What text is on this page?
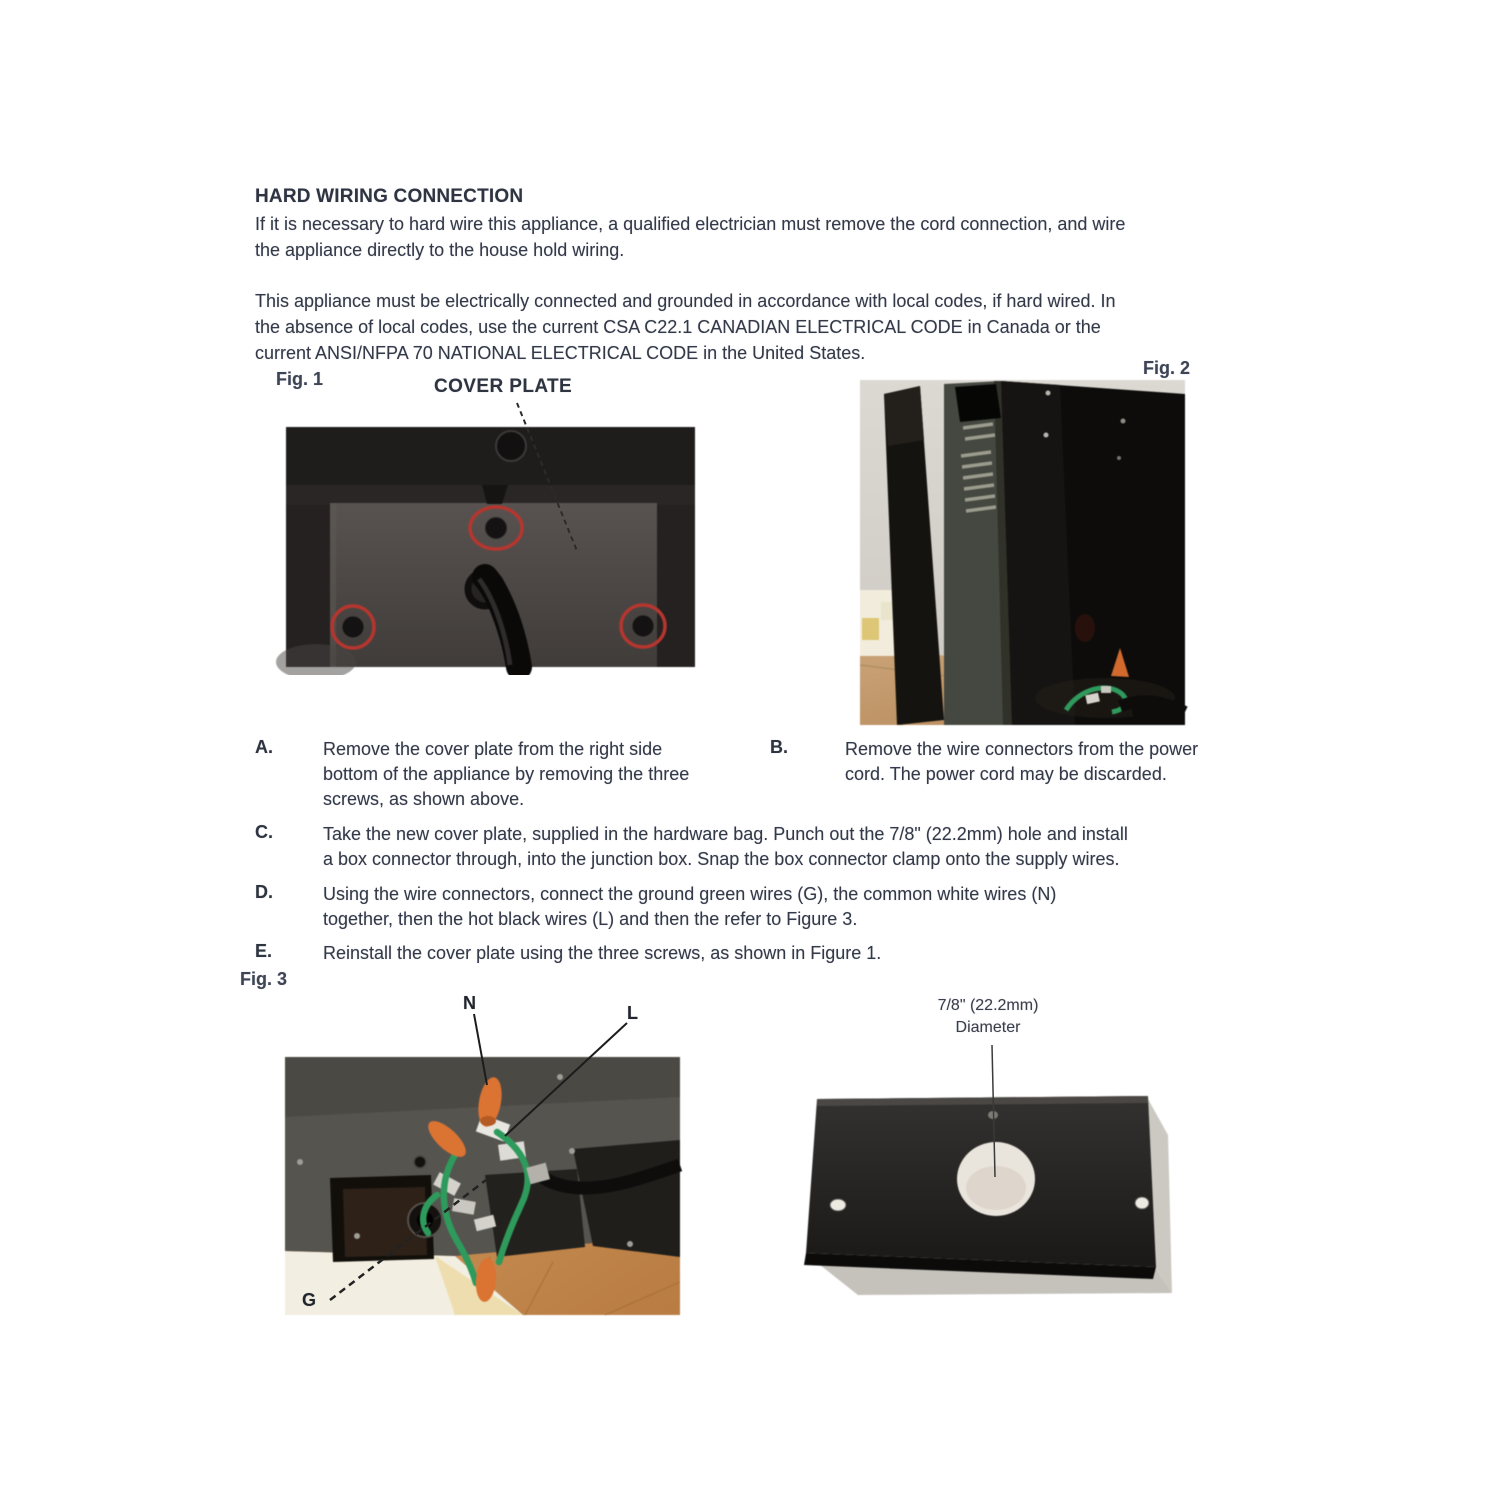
HARD WIRING CONNECTION
If it is necessary to hard wire this appliance, a qualified electrician must remove the cord connection, and wire
the appliance directly to the house hold wiring.
This appliance must be electrically connected and grounded in accordance with local codes, if hard wired. In
the absence of local codes, use the current CSA C22.1 CANADIAN ELECTRICAL CODE in Canada or the
current ANSI/NFPA 70 NATIONAL ELECTRICAL CODE in the United States.
Fig. 1	COVER PLATE
Fig. 2
A.	Remove the cover plate from the right side
bottom of the appliance by removing the three
screws, as shown above.
B.	Remove the wire connectors from the power
cord. The power cord may be discarded.
C.	Take the new cover plate, supplied in the hardware bag. Punch out the 7/8" (22.2mm) hole and install
a box connector through, into the junction box. Snap the box connector clamp onto the supply wires.
D.	Using the wire connectors, connect the ground green wires (G), the common white wires (N)
together, then the hot black wires (L) and then the refer to Figure 3.
E.	Reinstall the cover plate using the three screws, as shown in Figure 1.
Fig. 3
N	L
G
7/8" (22.2mm)
Diameter
